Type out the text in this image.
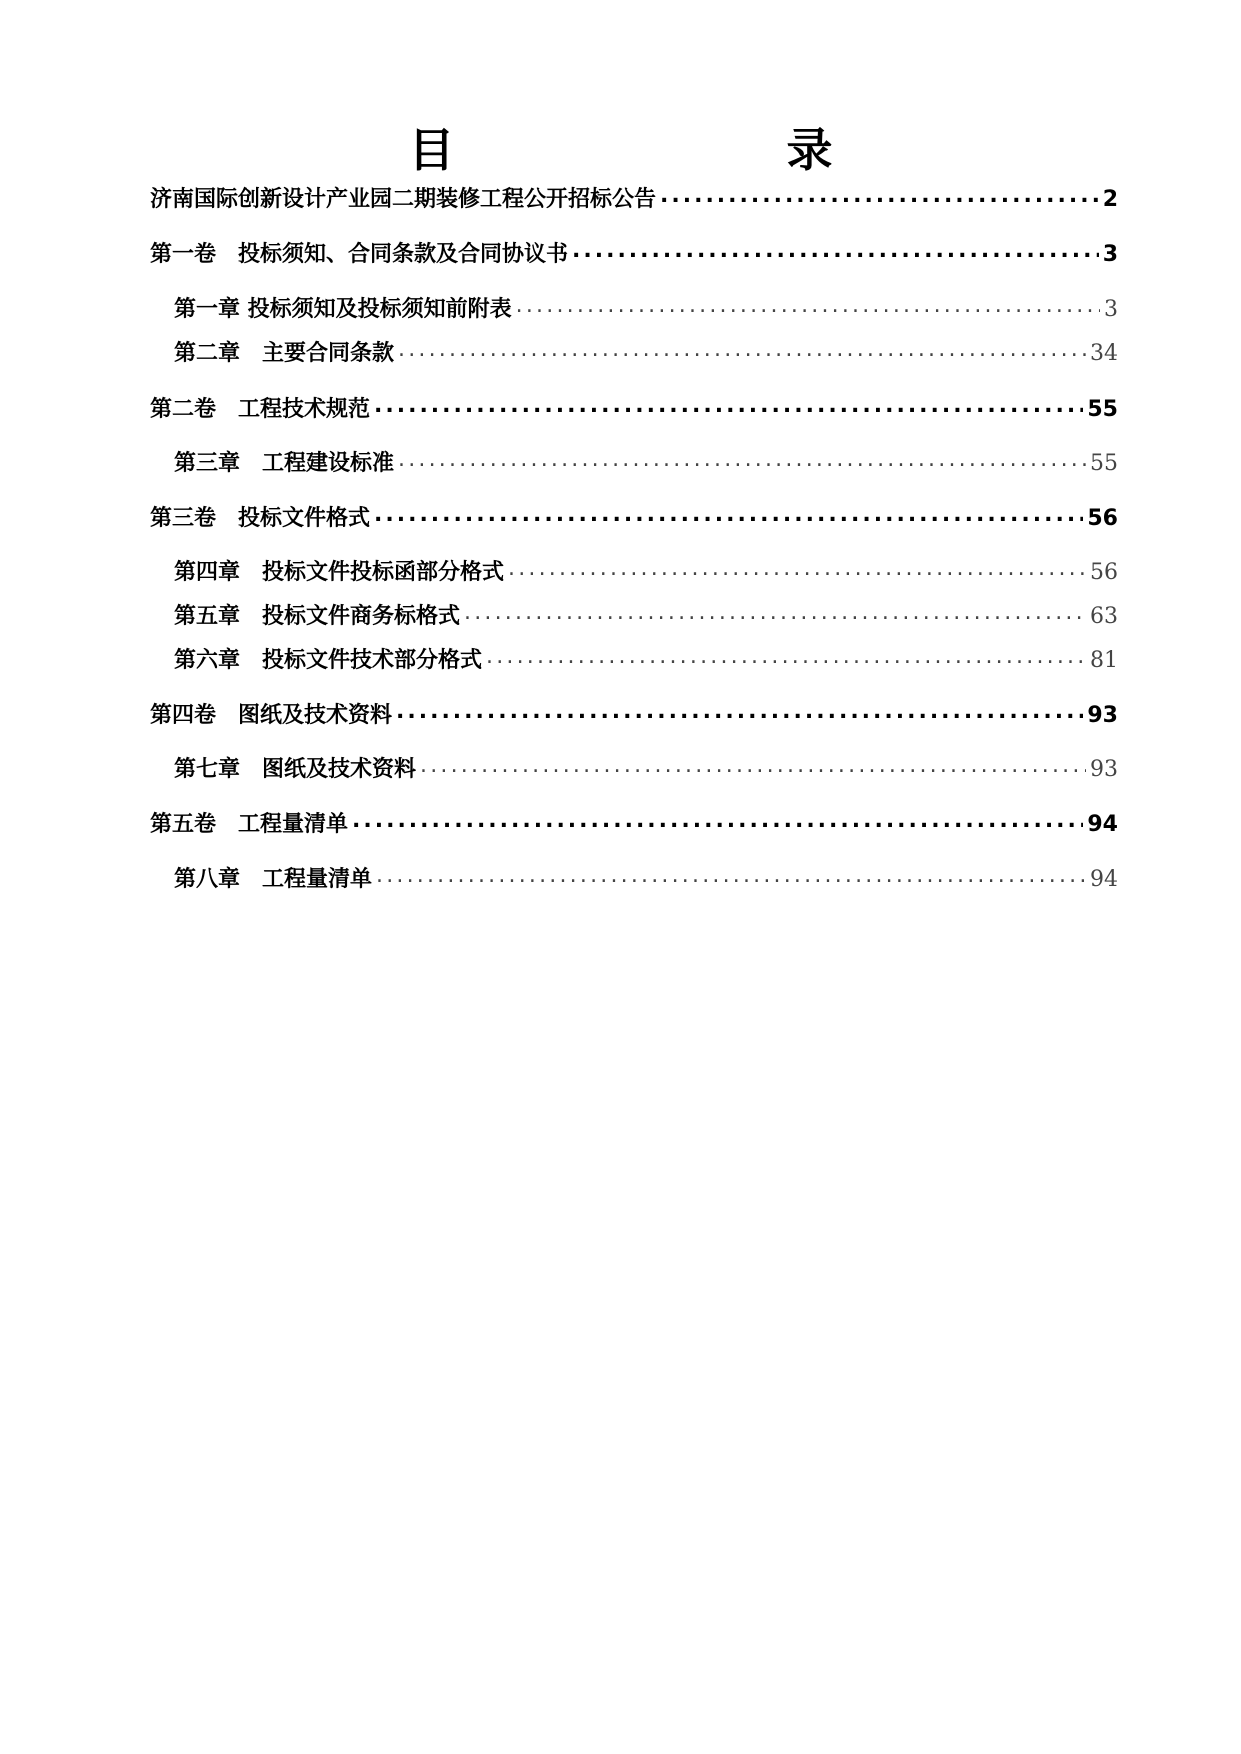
目　　录
济南国际创新设计产业园二期装修工程公开招标公告 .....	2
第一卷　投标须知、合同条款及合同协议书 .....	3
第一章 投标须知及投标须知前附表 .....	3
第二章　主要合同条款 .....	34
第二卷　工程技术规范 .....	55
第三章　工程建设标准 .....	55
第三卷　投标文件格式 .....	56
第四章　投标文件投标函部分格式 .....	56
第五章　投标文件商务标格式 .....	63
第六章　投标文件技术部分格式 .....	81
第四卷　图纸及技术资料 .....	93
第七章　图纸及技术资料 .....	93
第五卷　工程量清单 .....	94
第八章　工程量清单 .....	94
